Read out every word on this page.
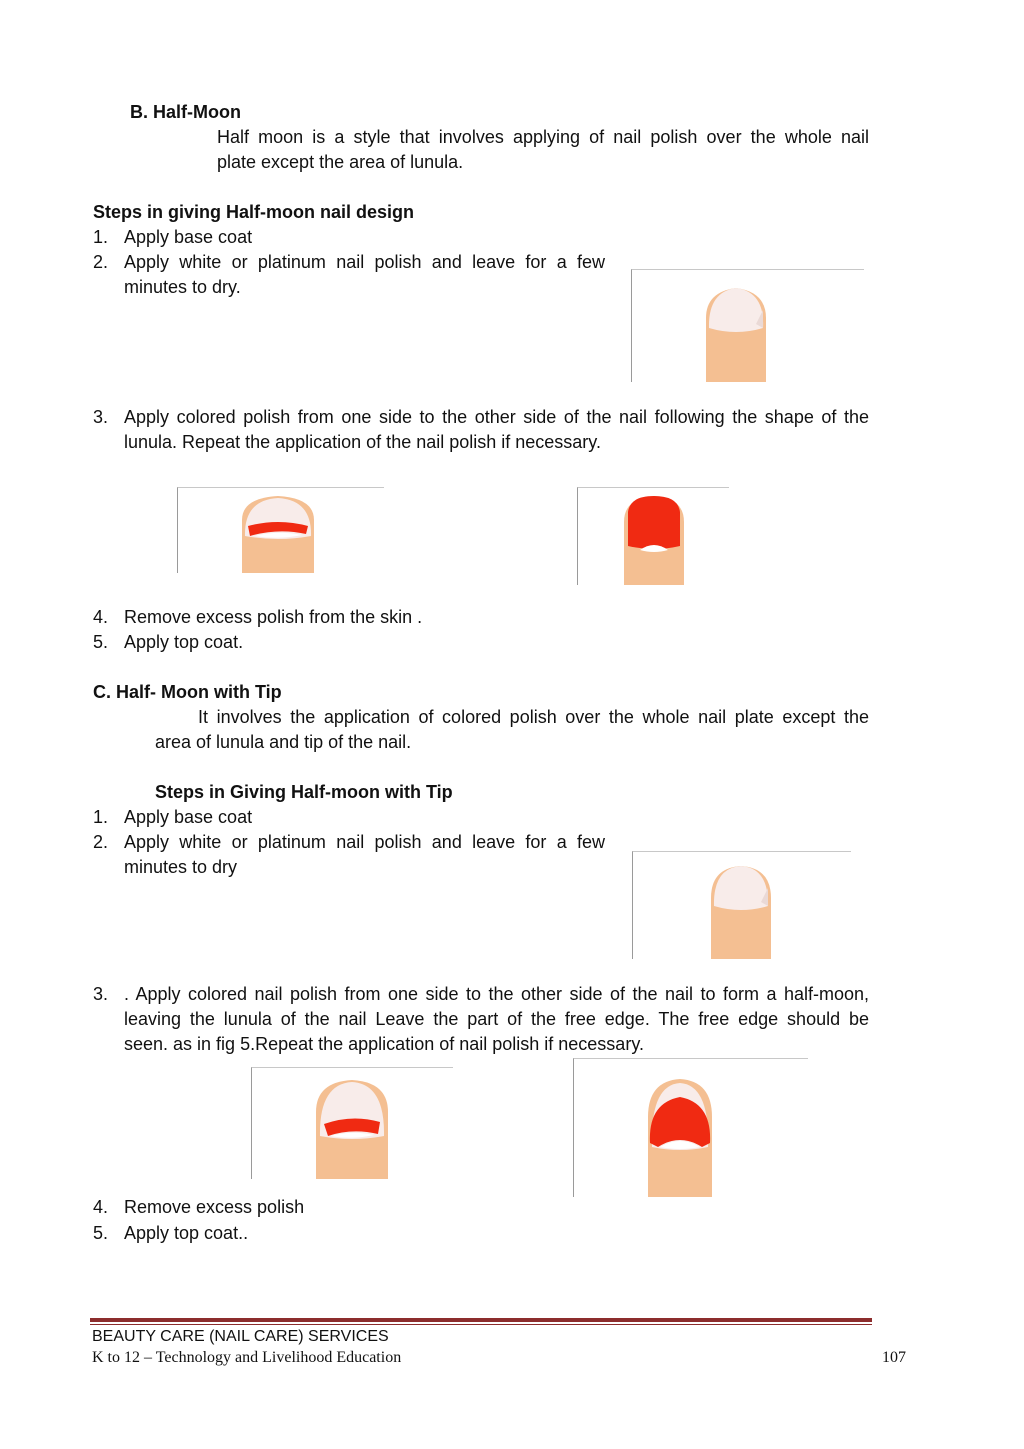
B. Half-Moon
Half moon is a style that involves applying of nail polish over the whole nail
plate except the area of lunula.
Steps in giving Half-moon nail design
1. Apply base coat
2. Apply white or platinum nail polish and leave for a few
minutes to dry.
3. Apply colored polish from one side to the other side of the nail following the shape of the
lunula. Repeat the application of the nail polish if necessary.
4. Remove excess polish from the skin .
5. Apply top coat.
C. Half- Moon with Tip
It involves the application of colored polish over the whole nail plate except the
area of lunula and tip of the nail.
Steps in Giving Half-moon with Tip
1. Apply base coat
2. Apply white or platinum nail polish and leave for a few
minutes to dry
3. . Apply colored nail polish from one side to the other side of the nail to form a half-moon,
leaving the lunula of the nail Leave the part of the free edge. The free edge should be
seen. as in fig 5.Repeat the application of nail polish if necessary.
4. Remove excess polish
5. Apply top coat..
BEAUTY CARE (NAIL CARE) SERVICES
K to 12 – Technology and Livelihood Education	107
